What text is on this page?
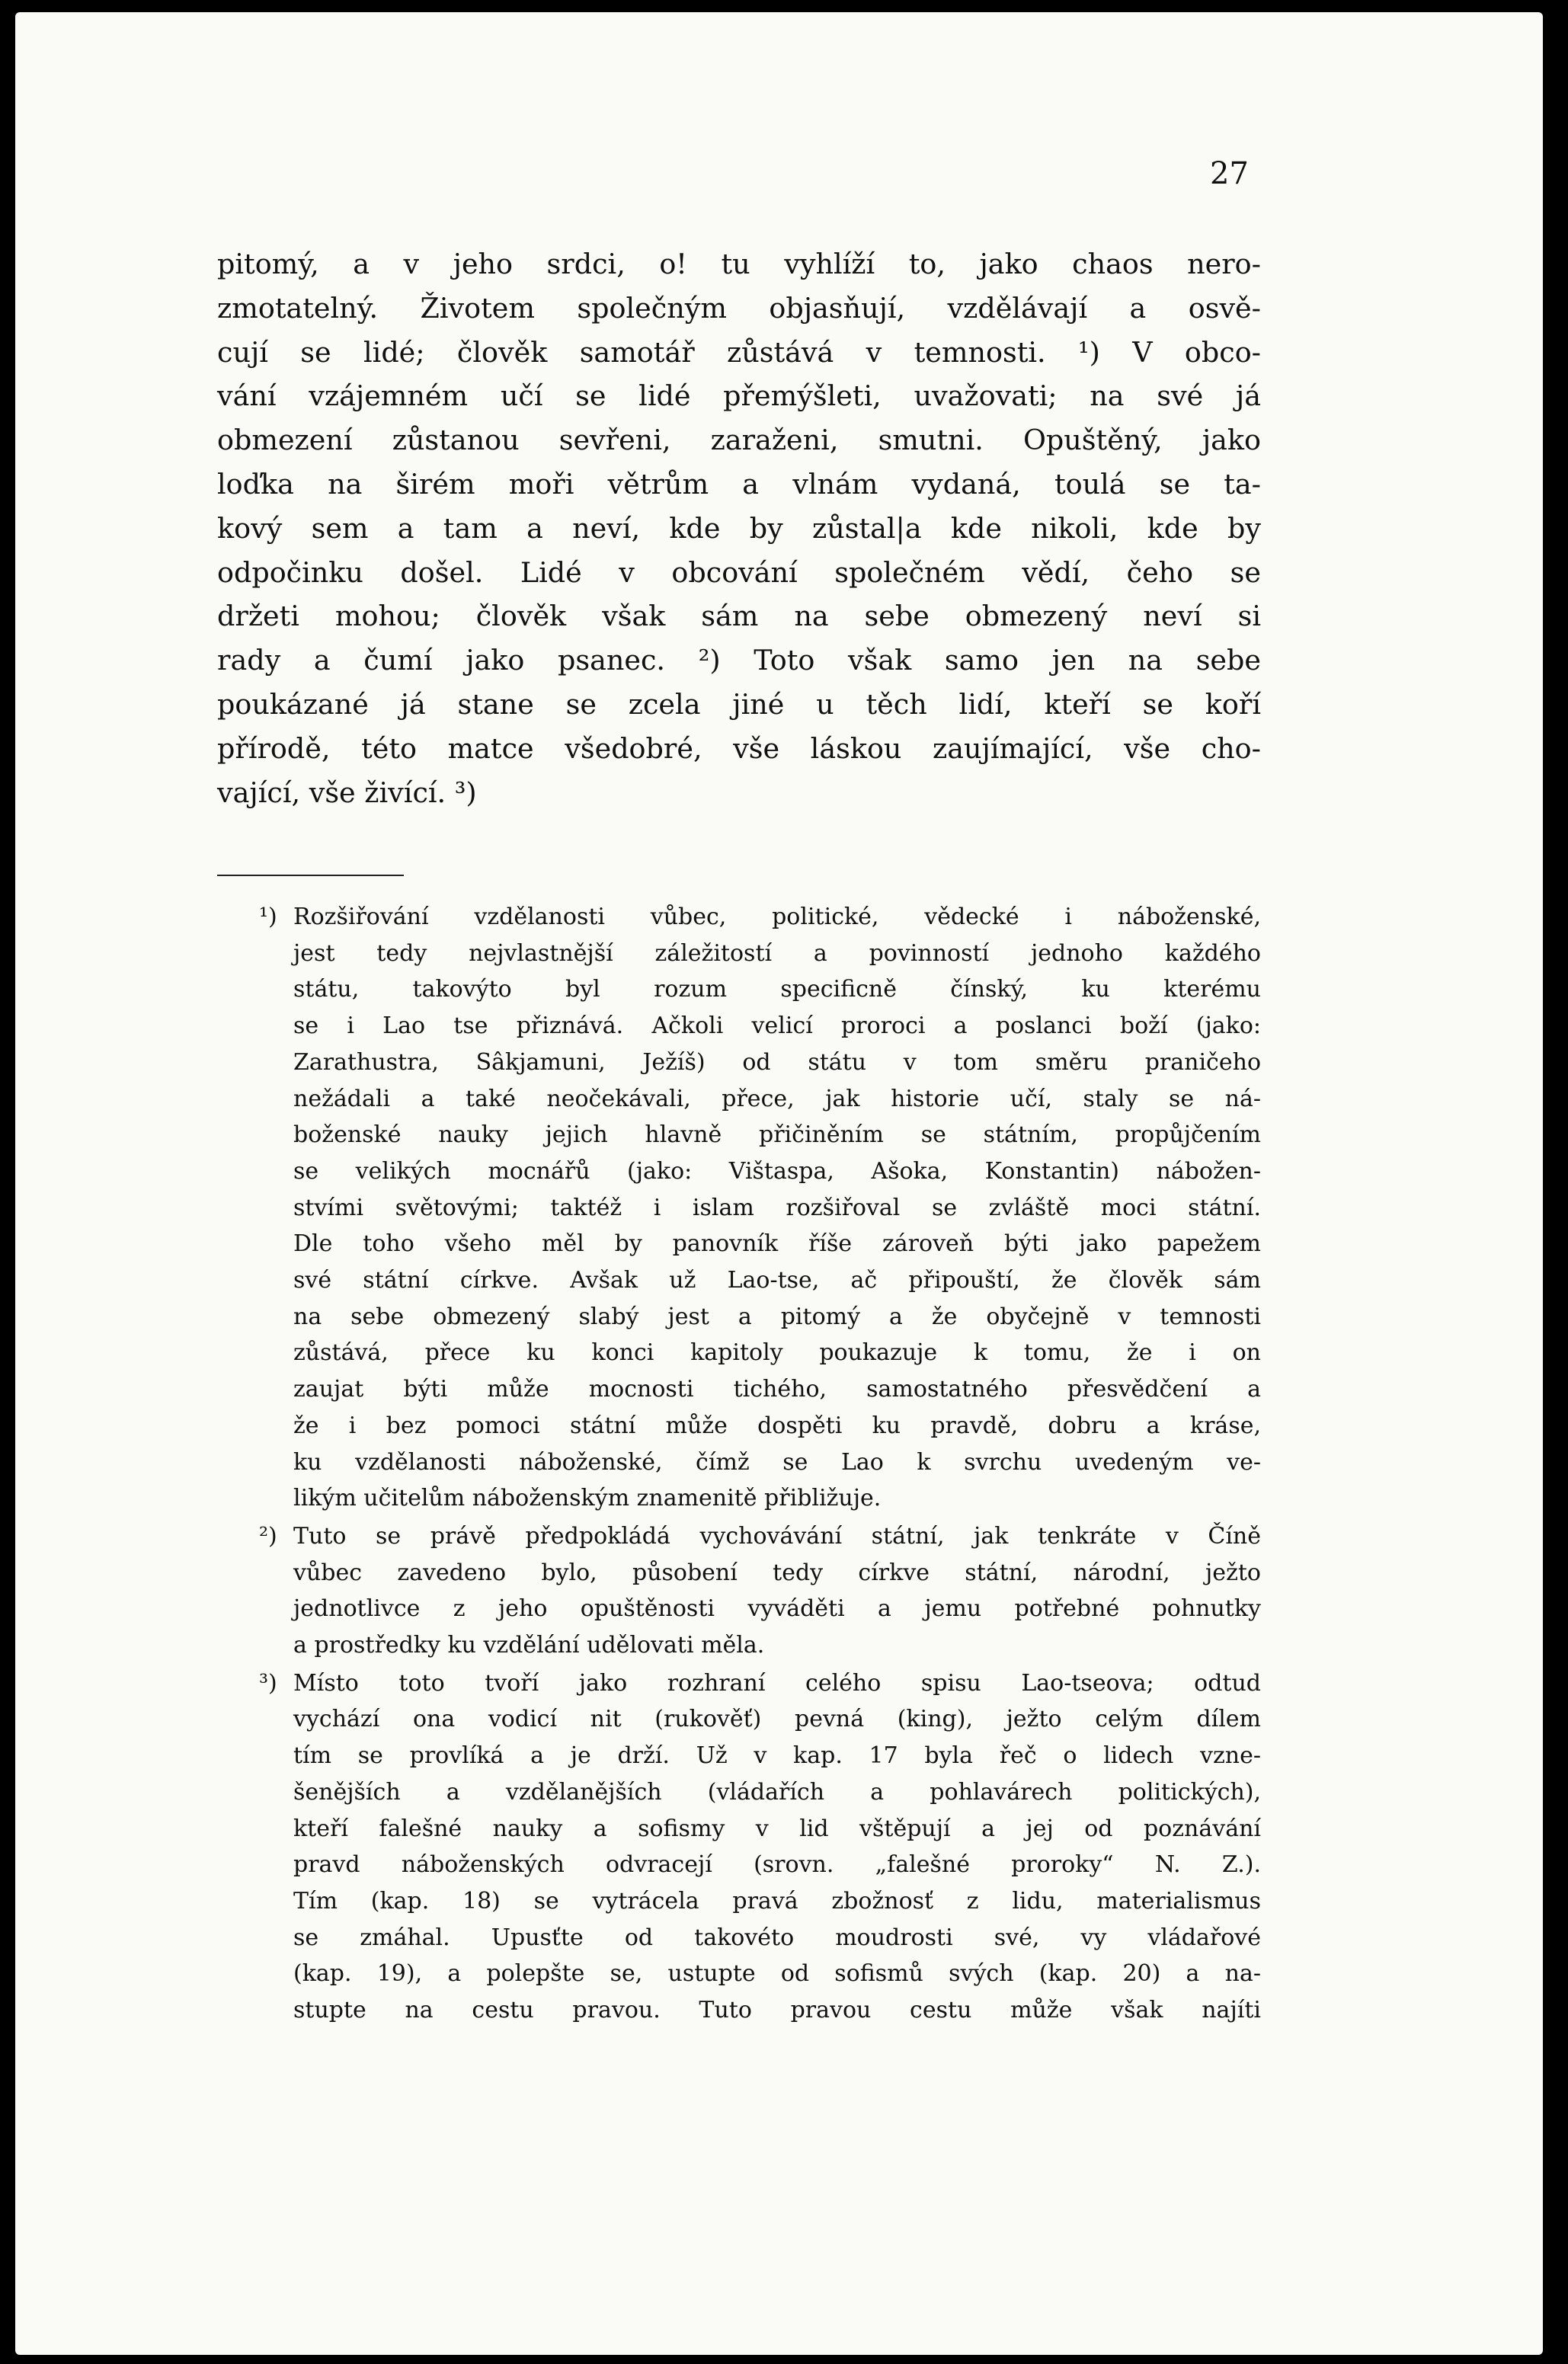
27

pitomý, a v jeho srdci, o! tu vyhlíží to, jako chaos nero-
zmotatelný. Životem společným objasňují, vzdělávají a osvě-
cují se lidé; člověk samotář zůstává v temnosti. ¹) V obco-
vání vzájemném učí se lidé přemýšleti, uvažovati; na své já
obmezení zůstanou sevřeni, zaraženi, smutni. Opuštěný, jako
loďka na širém moři větrům a vlnám vydaná, toulá se ta-
kový sem a tam a neví, kde by zůstal|a kde nikoli, kde by
odpočinku došel. Lidé v obcování společném vědí, čeho se
držeti mohou; člověk však sám na sebe obmezený neví si
rady a čumí jako psanec. ²) Toto však samo jen na sebe
poukázané já stane se zcela jiné u těch lidí, kteří se koří
přírodě, této matce všedobré, vše láskou zaujímající, vše cho-
vající, vše živící. ³)
¹) Rozšiřování vzdělanosti vůbec, politické, vědecké i náboženské,
jest tedy nejvlastnější záležitostí a povinností jednoho každého
státu, takovýto byl rozum specificně čínský, ku kterému
se i Lao tse přiznává. Ačkoli velicí proroci a poslanci boží (jako:
Zarathustra, Sâkjamuni, Ježíš) od státu v tom směru praničeho
nežádali a také neočekávali, přece, jak historie učí, staly se ná-
boženské nauky jejich hlavně přičiněním se státním, propůjčením
se velikých mocnářů (jako: Vištaspa, Ašoka, Konstantin) nábožen-
stvími světovými; taktéž i islam rozšiřoval se zvláště moci státní.
Dle toho všeho měl by panovník říše zároveň býti jako papežem
své státní církve. Avšak už Lao-tse, ač připouští, že člověk sám
na sebe obmezený slabý jest a pitomý a že obyčejně v temnosti
zůstává, přece ku konci kapitoly poukazuje k tomu, že i on
zaujat býti může mocnosti tichého, samostatného přesvědčení a
že i bez pomoci státní může dospěti ku pravdě, dobru a kráse,
ku vzdělanosti náboženské, čímž se Lao k svrchu uvedeným ve-
likým učitelům náboženským znamenitě přibližuje.
²) Tuto se právě předpokládá vychovávání státní, jak tenkráte v Číně
vůbec zavedeno bylo, působení tedy církve státní, národní, ježto
jednotlivce z jeho opuštěnosti vyváděti a jemu potřebné pohnutky
a prostředky ku vzdělání udělovati měla.
³) Místo toto tvoří jako rozhraní celého spisu Lao-tseova; odtud
vychází ona vodicí nit (rukověť) pevná (king), ježto celým dílem
tím se provlíká a je drží. Už v kap. 17 byla řeč o lidech vzne-
šenějších a vzdělanějších (vládařích a pohlavárech politických),
kteří falešné nauky a sofismy v lid vštěpují a jej od poznávání
pravd náboženských odvracejí (srovn. „falešné proroky“ N. Z.).
Tím (kap. 18) se vytrácela pravá zbožnosť z lidu, materialismus
se zmáhal. Upusťte od takovéto moudrosti své, vy vládařové
(kap. 19), a polepšte se, ustupte od sofismů svých (kap. 20) a na-
stupte na cestu pravou. Tuto pravou cestu může však najíti
